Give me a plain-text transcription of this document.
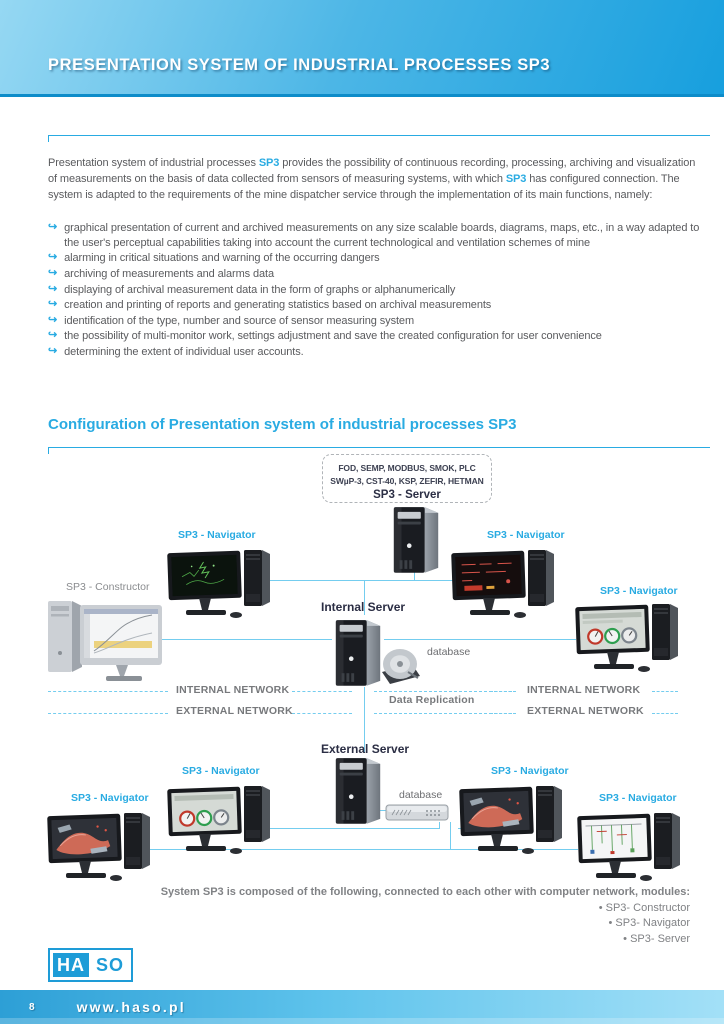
PRESENTATION SYSTEM OF INDUSTRIAL PROCESSES SP3

Presentation system of industrial processes SP3 provides the possibility of continuous recording, processing, archiving and visualization of measurements on the basis of data collected from sensors of measuring systems, with which SP3 has configured connection. The system is adapted to the requirements of the mine dispatcher service through the implementation of its main functions, namely:

↪ graphical presentation of current and archived measurements on any size scalable boards, diagrams, maps, etc., in a way adapted to the user's perceptual capabilities taking into account the current technological and ventilation schemes of mine
↪ alarming in critical situations and warning of the occurring dangers
↪ archiving of measurements and alarms data
↪ displaying of archival measurement data in the form of graphs or alphanumerically
↪ creation and printing of reports and generating statistics based on archival measurements
↪ identification of the type, number and source of sensor measuring system
↪ the possibility of multi-monitor work, settings adjustment and save the created configuration for user convenience
↪ determining the extent of individual user accounts.
Configuration of Presentation system of industrial processes SP3
FOD, SEMP, MODBUS, SMOK, PLC
SWµP-3, CST-40, KSP, ZEFIR, HETMAN
SP3 - Server
SP3 - Navigator	SP3 - Navigator
SP3 - Constructor	SP3 - Navigator
Internal Server
database
INTERNAL NETWORK
EXTERNAL NETWORK
Data Replication
INTERNAL NETWORK
EXTERNAL NETWORK
External Server
database
SP3 - Navigator
SP3 - Navigator
SP3 - Navigator
SP3 - Navigator
System SP3 is composed of the following, connected to each other with computer network, modules:
• SP3- Constructor
• SP3- Navigator
• SP3- Server
HA SO
8	www.haso.pl
